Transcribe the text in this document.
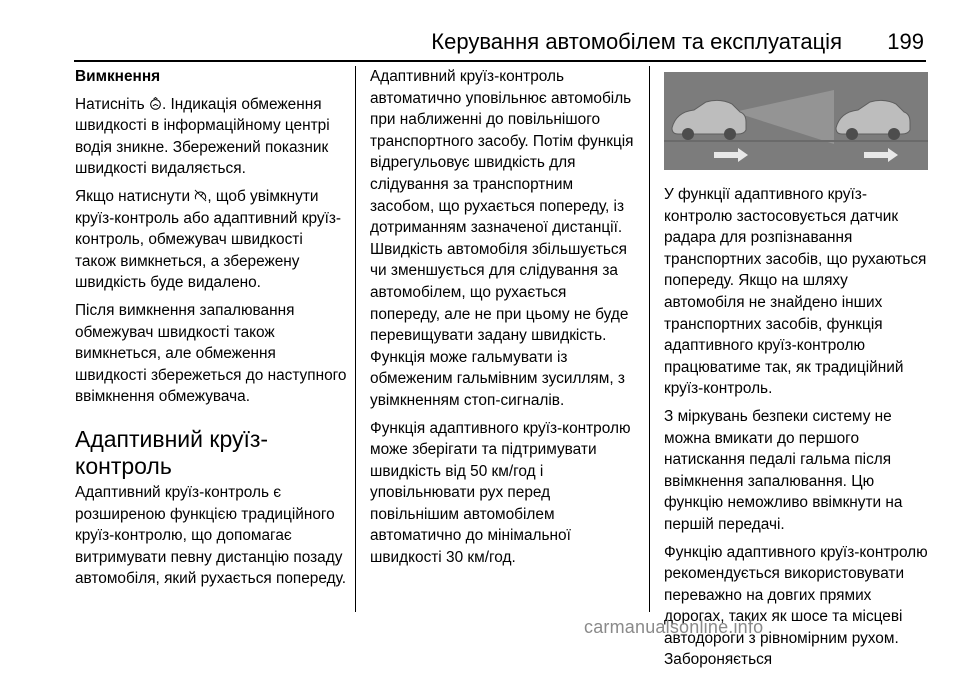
Керування автомобілем та експлуатація 199
Вимкнення

Натисніть . Індикація обмеження швидкості в інформаційному центрі водія зникне. Збережений показник швидкості видаляється.

Якщо натиснути , щоб увімкнути круїз-контроль або адаптивний круїз-контроль, обмежувач швидкості також вимкнеться, а збережену швидкість буде видалено.

Після вимкнення запалювання обмежувач швидкості також вимкнеться, але обмеження швидкості збережеться до наступного ввімкнення обмежувача.

Адаптивний круїз-контроль

Адаптивний круїз-контроль є розширеною функцією традиційного круїз-контролю, що допомагає витримувати певну дистанцію позаду автомобіля, який рухається попереду.

Адаптивний круїз-контроль автоматично уповільнює автомобіль при наближенні до повільнішого транспортного засобу. Потім функція відрегульовує швидкість для слідування за транспортним засобом, що рухається попереду, із дотриманням зазначеної дистанції. Швидкість автомобіля збільшується чи зменшується для слідування за автомобілем, що рухається попереду, але не при цьому не буде перевищувати задану швидкість. Функція може гальмувати із обмеженим гальмівним зусиллям, з увімкненням стоп-сигналів.

Функція адаптивного круїз-контролю може зберігати та підтримувати швидкість від 50 км/год і уповільнювати рух перед повільнішим автомобілем автоматично до мінімальної швидкості 30 км/год.

У функції адаптивного круїз-контролю застосовується датчик радара для розпізнавання транспортних засобів, що рухаються попереду. Якщо на шляху автомобіля не знайдено інших транспортних засобів, функція адаптивного круїз-контролю працюватиме так, як традиційний круїз-контроль.

З міркувань безпеки систему не можна вмикати до першого натискання педалі гальма після ввімкнення запалювання. Цю функцію неможливо ввімкнути на першій передачі.

Функцію адаптивного круїз-контролю рекомендується використовувати переважно на довгих прямих дорогах, таких як шосе та місцеві автодороги з рівномірним рухом. Забороняється

carmanualsonline.info
